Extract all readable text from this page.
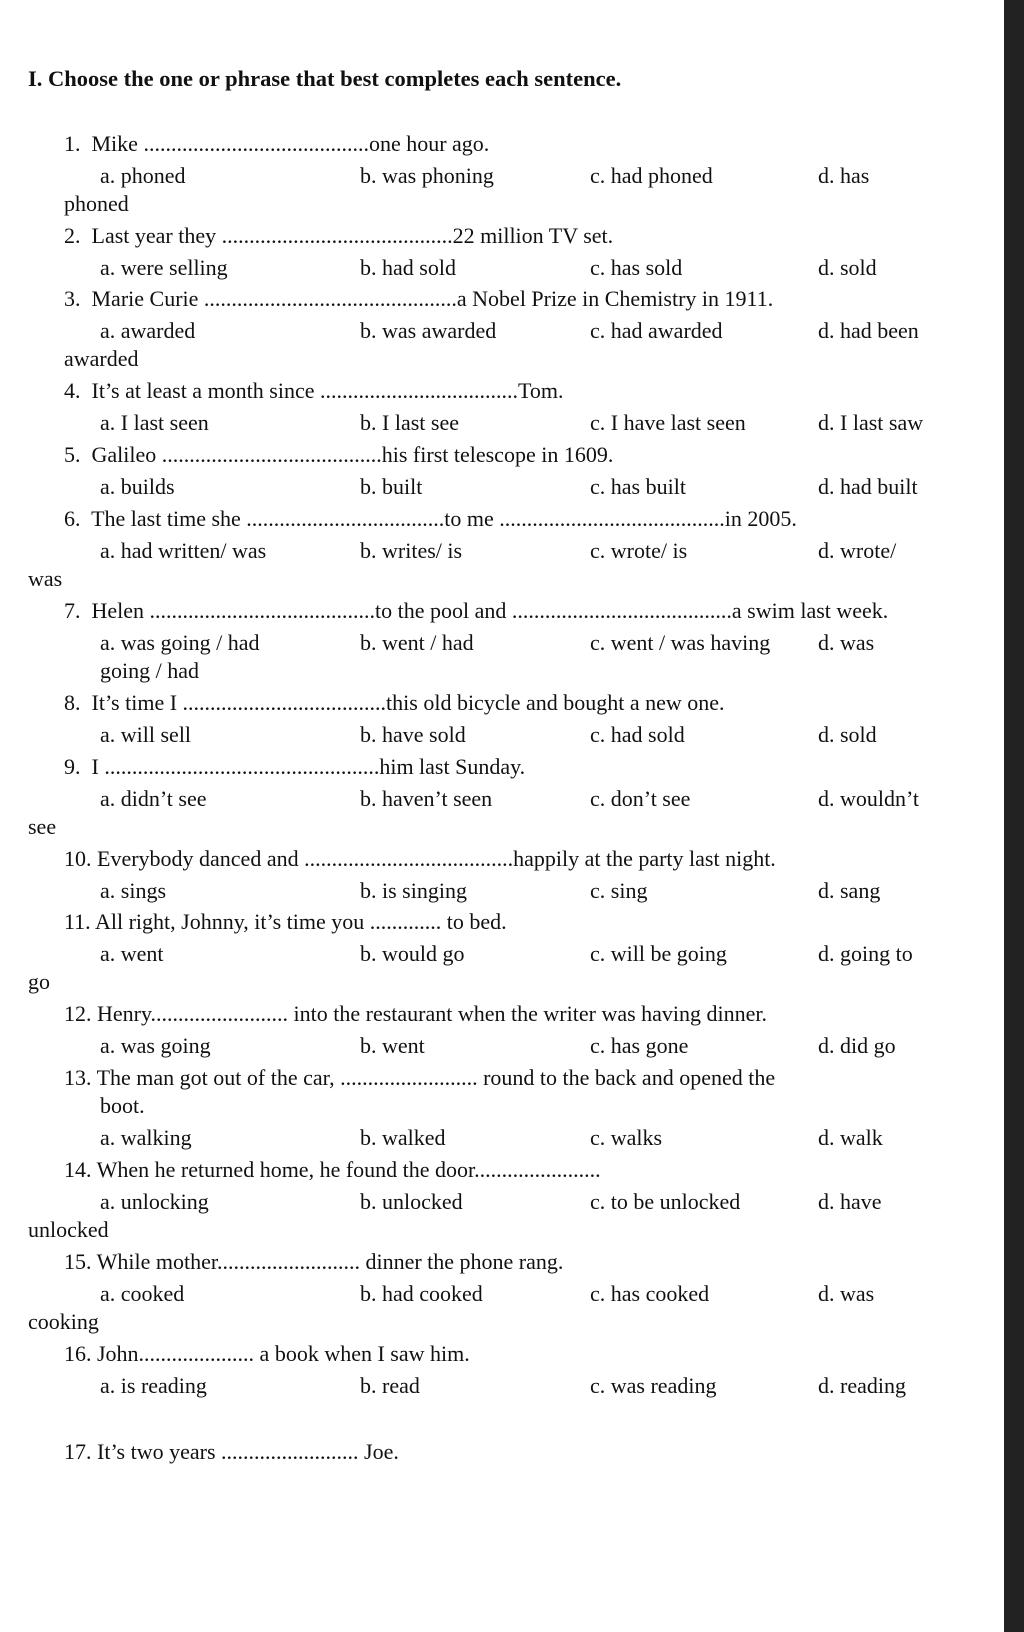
I. Choose the one or phrase that best completes each sentence.
1.  Mike .........................................one hour ago.
a. phoned	b. was phoning	c. had phoned	d. has
phoned
2.  Last year they ..........................................22 million TV set.
a. were selling	b. had sold	c. has sold	d. sold
3.  Marie Curie ..............................................a Nobel Prize in Chemistry in 1911.
a. awarded	b. was awarded	c. had awarded	d. had been
awarded
4.  It’s at least a month since ....................................Tom.
a. I last seen	b. I last see	c. I have last seen	d. I last saw
5.  Galileo ........................................his first telescope in 1609.
a. builds	b. built	c. has built	d. had built
6.  The last time she ....................................to me .........................................in 2005.
a. had written/ was	b. writes/ is	c. wrote/ is	d. wrote/
was
7.  Helen .........................................to the pool and ........................................a swim last week.
a. was going / had	b. went / had	c. went / was having d. was
going / had
8.  It’s time I .....................................this old bicycle and bought a new one.
a. will sell	b. have sold	c. had sold	d. sold
9.  I ..................................................him last Sunday.
a. didn’t see	b. haven’t seen	c. don’t see	d. wouldn’t
see
10. Everybody danced and ......................................happily at the party last night.
a. sings	b. is singing	c. sing	d. sang
11. All right, Johnny, it’s time you ............. to bed.
a. went	b. would go	c. will be going	d. going to
go
12. Henry......................... into the restaurant when the writer was having dinner.
a. was going	b. went	c. has gone	d. did go
13. The man got out of the car, ......................... round to the back and opened the
boot.
a. walking	b. walked	c. walks	d. walk
14. When he returned home, he found the door.......................
a. unlocking	b. unlocked	c. to be unlocked	d. have
unlocked
15. While mother.......................... dinner the phone rang.
a. cooked	b. had cooked	c. has cooked	d. was
cooking
16. John..................... a book when I saw him.
a. is reading	b. read	c. was reading	d. reading
17. It’s two years ......................... Joe.
